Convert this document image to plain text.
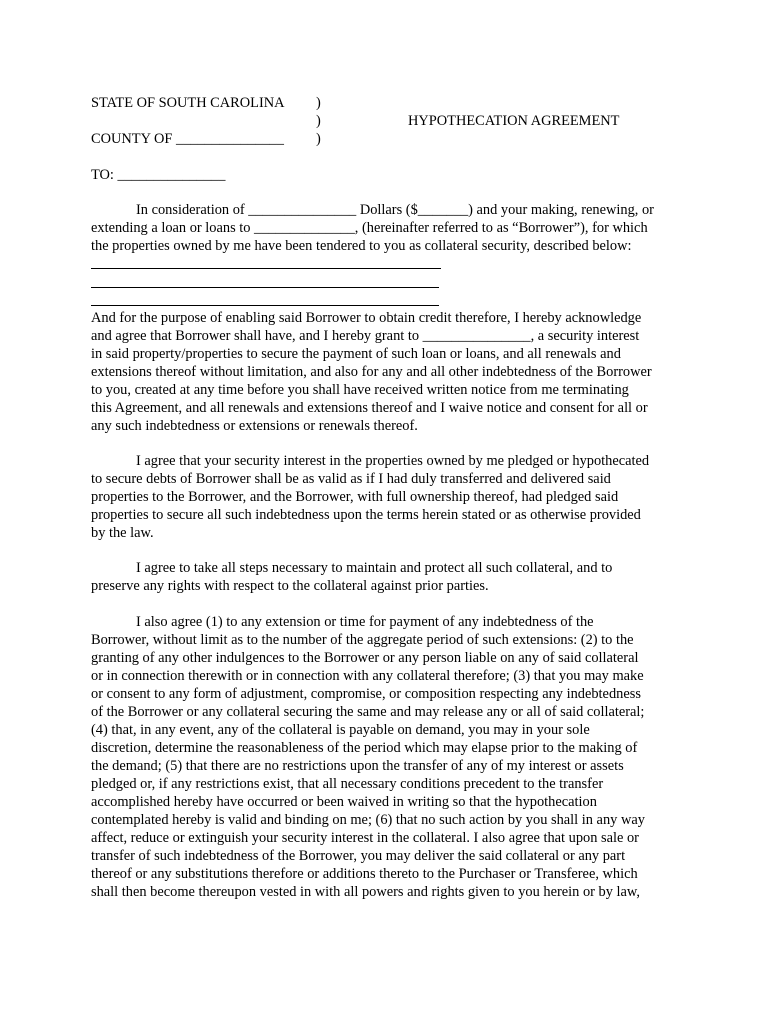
STATE OF SOUTH CAROLINA )
)	HYPOTHECATION AGREEMENT
COUNTY OF _______________ )
TO: _______________
In consideration of _______________ Dollars ($_______) and your making, renewing, or
extending a loan or loans to ______________, (hereinafter referred to as “Borrower”), for which
the properties owned by me have been tendered to you as collateral security, described below:
And for the purpose of enabling said Borrower to obtain credit therefore, I hereby acknowledge
and agree that Borrower shall have, and I hereby grant to _______________, a security interest
in said property/properties to secure the payment of such loan or loans, and all renewals and
extensions thereof without limitation, and also for any and all other indebtedness of the Borrower
to you, created at any time before you shall have received written notice from me terminating
this Agreement, and all renewals and extensions thereof and I waive notice and consent for all or
any such indebtedness or extensions or renewals thereof.
I agree that your security interest in the properties owned by me pledged or hypothecated
to secure debts of Borrower shall be as valid as if I had duly transferred and delivered said
properties to the Borrower, and the Borrower, with full ownership thereof, had pledged said
properties to secure all such indebtedness upon the terms herein stated or as otherwise provided
by the law.
I agree to take all steps necessary to maintain and protect all such collateral, and to
preserve any rights with respect to the collateral against prior parties.
I also agree (1) to any extension or time for payment of any indebtedness of the
Borrower, without limit as to the number of the aggregate period of such extensions: (2) to the
granting of any other indulgences to the Borrower or any person liable on any of said collateral
or in connection therewith or in connection with any collateral therefore; (3) that you may make
or consent to any form of adjustment, compromise, or composition respecting any indebtedness
of the Borrower or any collateral securing the same and may release any or all of said collateral;
(4) that, in any event, any of the collateral is payable on demand, you may in your sole
discretion, determine the reasonableness of the period which may elapse prior to the making of
the demand; (5) that there are no restrictions upon the transfer of any of my interest or assets
pledged or, if any restrictions exist, that all necessary conditions precedent to the transfer
accomplished hereby have occurred or been waived in writing so that the hypothecation
contemplated hereby is valid and binding on me; (6) that no such action by you shall in any way
affect, reduce or extinguish your security interest in the collateral. I also agree that upon sale or
transfer of such indebtedness of the Borrower, you may deliver the said collateral or any part
thereof or any substitutions therefore or additions thereto to the Purchaser or Transferee, which
shall then become thereupon vested in with all powers and rights given to you herein or by law,
